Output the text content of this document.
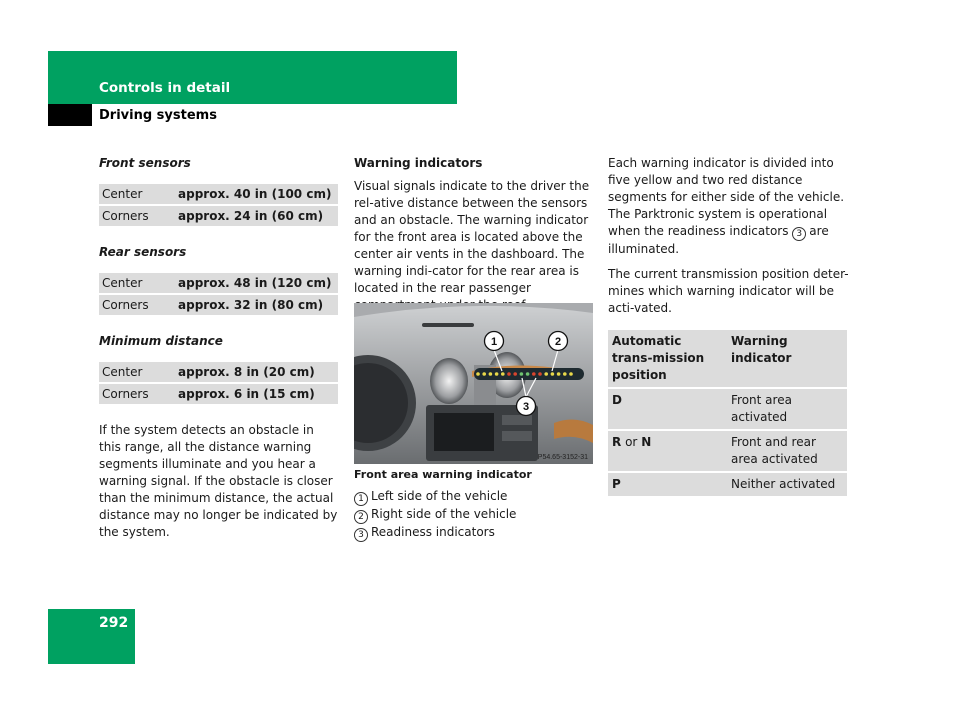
Controls in detail
Driving systems

Front sensors

Center	approx. 40 in (100 cm)
Corners	approx. 24 in (60 cm)

Rear sensors

Center	approx. 48 in (120 cm)
Corners	approx. 32 in (80 cm)

Minimum distance

Center	approx. 8 in (20 cm)
Corners	approx. 6 in (15 cm)

If the system detects an obstacle in this range, all the distance warning segments illuminate and you hear a warning signal. If the obstacle is closer than the minimum distance, the actual distance may no longer be indicated by the system.

Warning indicators

Visual signals indicate to the driver the rel-ative distance between the sensors and an obstacle. The warning indicator for the front area is located above the center air vents in the dashboard. The warning indi-cator for the rear area is located in the rear passenger

1	2
3
P54.65-3152-31
Front area warning indicator
1 Left side of the vehicle
2 Right side of the vehicle
3 Readiness indicators

Each warning indicator is divided into five yellow and two red distance segments for either side of the vehicle. The Parktronic system is operational when the readiness indicators 3 are illuminated.

The current transmission position deter-mines which warning indicator will be acti-vated.

Automatic trans-mission position	Warning indicator
D	Front area activated
R or N	Front and rear area activated
P	Neither activated
292
